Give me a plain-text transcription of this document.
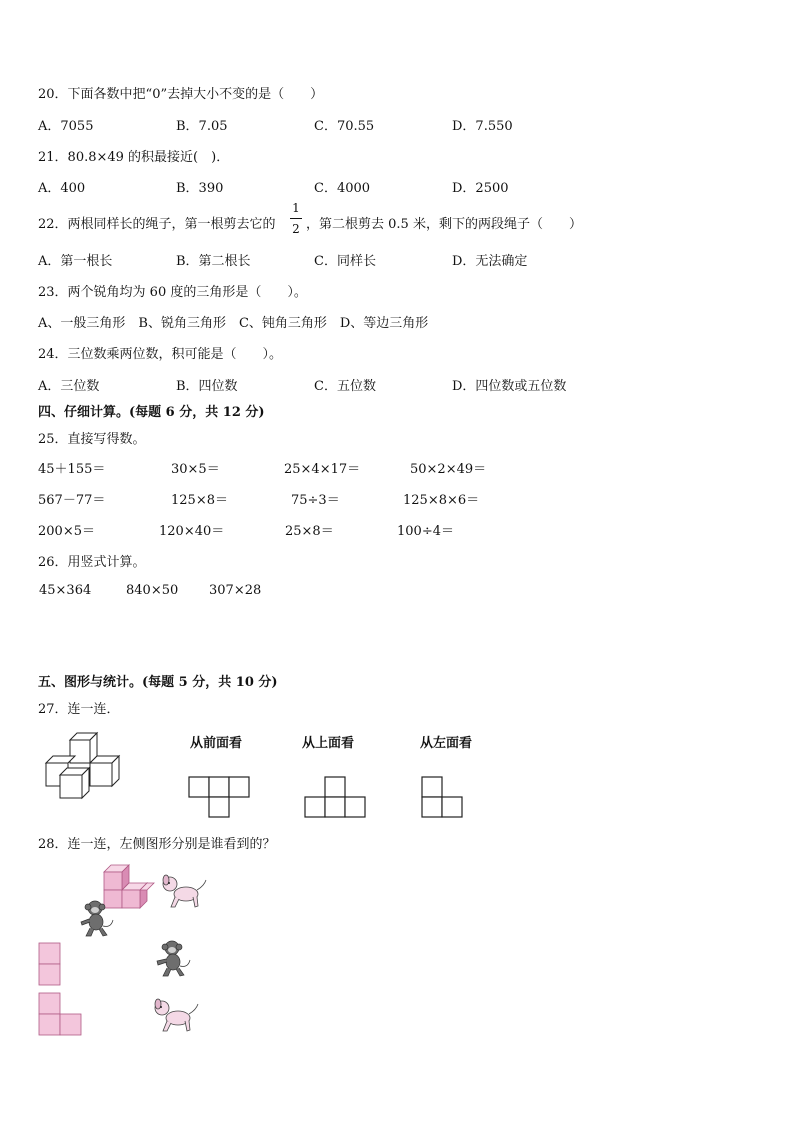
20．下面各数中把“0”去掉大小不变的是（　　）
A．7055	B．7.05	C．70.55	D．7.550
21．80.8×49 的积最接近(　)．
A．400	B．390	C．4000	D．2500
22．两根同样长的绳子，第一根剪去它的
1
2 ，第二根剪去 0.5 米，剩下的两段绳子（　　）
A．第一根长	B．第二根长	C．同样长	D．无法确定
23．两个锐角均为 60 度的三角形是（　　）。
A、一般三角形　B、锐角三角形　C、钝角三角形　D、等边三角形
24．三位数乘两位数，积可能是（　　）。
A．三位数	B．四位数	C．五位数	D．四位数或五位数
四、仔细计算。(每题 6 分，共 12 分)
25．直接写得数。
45＋155＝	30×5＝	25×4×17＝	50×2×49＝
567－77＝	125×8＝	75÷3＝	125×8×6＝
200×5＝	120×40＝	25×8＝	100÷4＝
26．用竖式计算。
45×364	840×50 307×28
五、图形与统计。(每题 5 分，共 10 分)
27．连一连．
从前面看	从上面看	从左面看
28．连一连，左侧图形分别是谁看到的？
